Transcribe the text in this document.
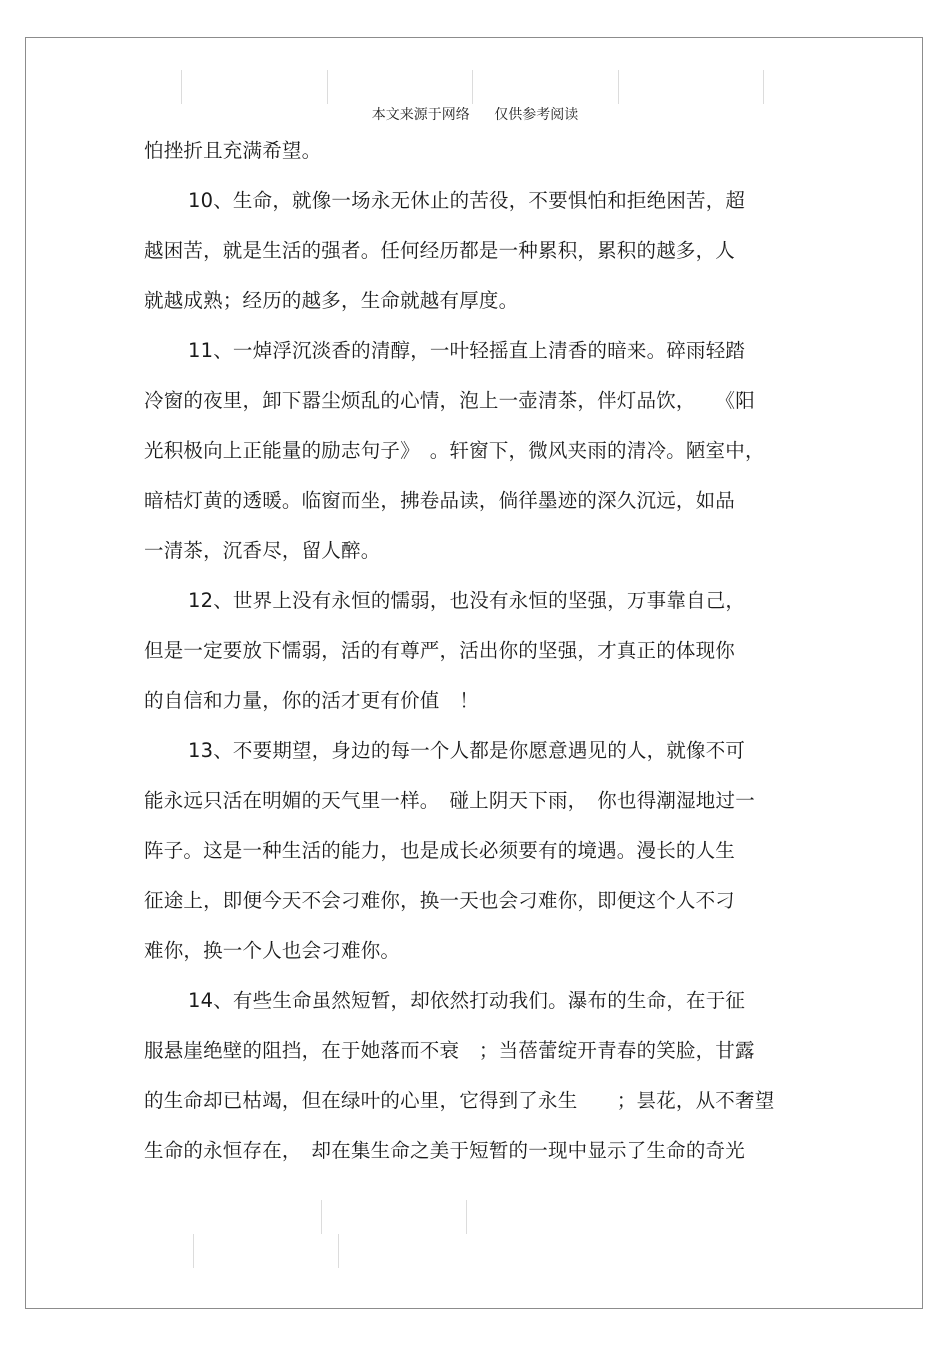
本文来源于网络 仅供参考阅读
怕挫折且充满希望。
10、生命，就像一场永无休止的苦役，不要惧怕和拒绝困苦，超
越困苦，就是生活的强者。任何经历都是一种累积，累积的越多，人
就越成熟；经历的越多，生命就越有厚度。
11、一焯浮沉淡香的清醇，一叶轻摇直上清香的暗来。碎雨轻踏
冷窗的夜里，卸下嚣尘烦乱的心情，泡上一壶清茶，伴灯品饮，　　《阳
光积极向上正能量的励志句子》　。轩窗下，微风夹雨的清冷。陋室中，
暗桔灯黄的透暖。临窗而坐，拂卷品读，倘徉墨迹的深久沉远，如品
一清茶，沉香尽，留人醉。
12、世界上没有永恒的懦弱，也没有永恒的坚强，万事靠自己，
但是一定要放下懦弱，活的有尊严，活出你的坚强，才真正的体现你
的自信和力量，你的活才更有价值　！
13、不要期望，身边的每一个人都是你愿意遇见的人，就像不可
能永远只活在明媚的天气里一样。　碰上阴天下雨，　你也得潮湿地过一
阵子。这是一种生活的能力，也是成长必须要有的境遇。漫长的人生
征途上，即便今天不会刁难你，换一天也会刁难你，即便这个人不刁
难你，换一个人也会刁难你。
14、有些生命虽然短暂，却依然打动我们。瀑布的生命，在于征
服悬崖绝壁的阻挡，在于她落而不衰　；当蓓蕾绽开青春的笑脸，甘露
的生命却已枯竭，但在绿叶的心里，它得到了永生　　；昙花，从不奢望
生命的永恒存在，　却在集生命之美于短暂的一现中显示了生命的奇光
